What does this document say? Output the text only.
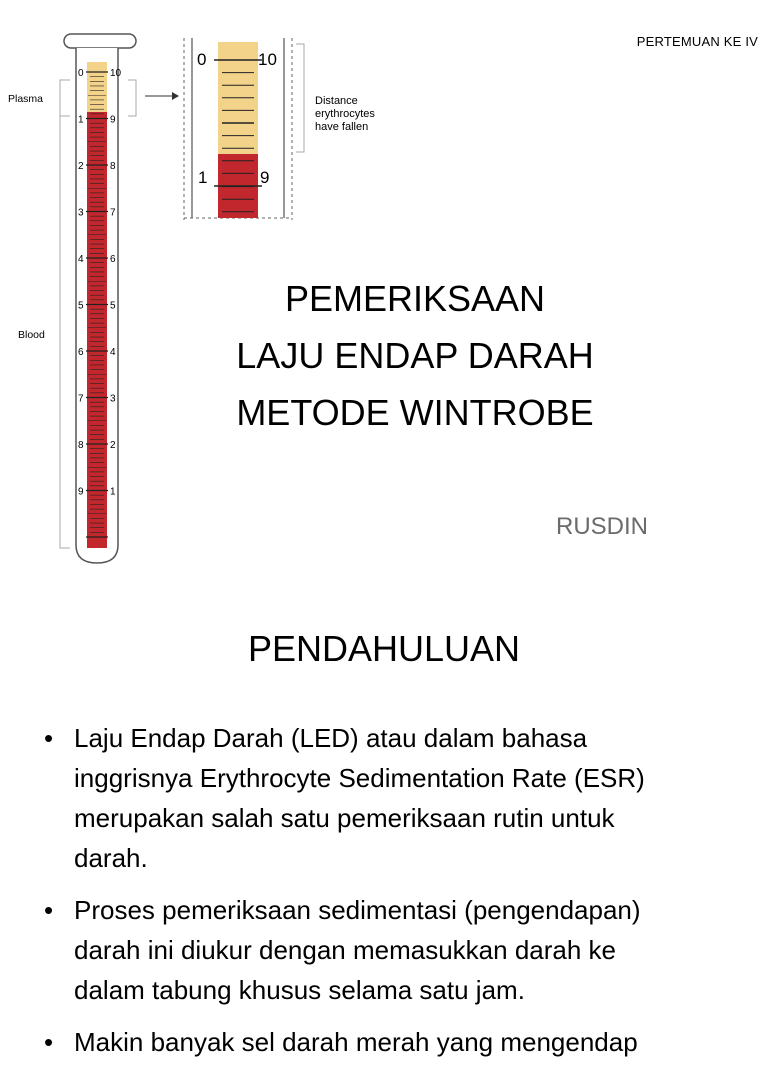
PERTEMUAN KE IV
0
1
2
3
4
5
6
7
8
9
10
9
8
7
6
5
4
3
2
1
Plasma
Blood
0	10
1	9
Distance
erythrocytes
have fallen
PEMERIKSAAN
LAJU ENDAP DARAH
METODE WINTROBE
RUSDIN
PENDAHULUAN
• Laju Endap Darah (LED) atau dalam bahasa
inggrisnya Erythrocyte Sedimentation Rate (ESR)
merupakan salah satu pemeriksaan rutin untuk
darah.
• Proses pemeriksaan sedimentasi (pengendapan)
darah ini diukur dengan memasukkan darah ke
dalam tabung khusus selama satu jam.
• Makin banyak sel darah merah yang mengendap
